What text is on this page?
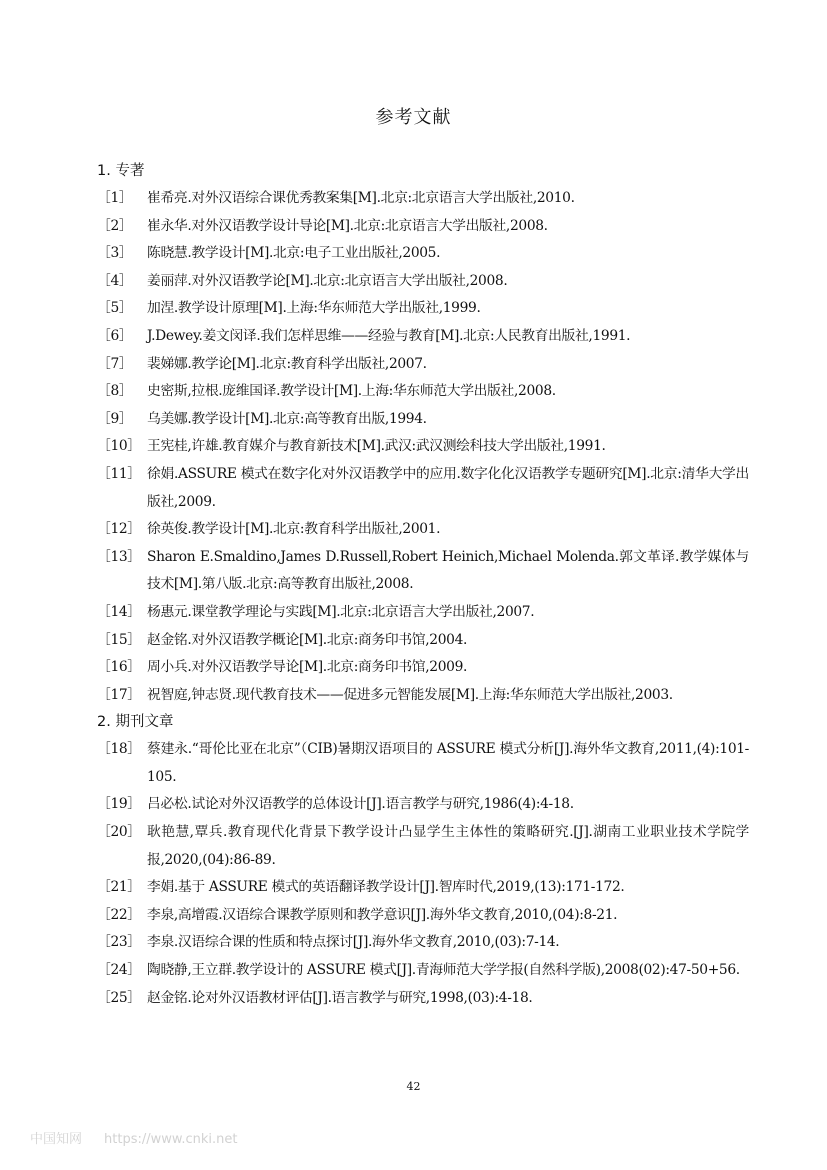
参考文献
1. 专著
［1］ 崔希亮.对外汉语综合课优秀教案集[M].北京:北京语言大学出版社,2010.
［2］ 崔永华.对外汉语教学设计导论[M].北京:北京语言大学出版社,2008.
［3］ 陈晓慧.教学设计[M].北京:电子工业出版社,2005.
［4］ 姜丽萍.对外汉语教学论[M].北京:北京语言大学出版社,2008.
［5］ 加涅.教学设计原理[M].上海:华东师范大学出版社,1999.
［6］ J.Dewey.姜文闵译.我们怎样思维——经验与教育[M].北京:人民教育出版社,1991.
［7］ 裴娣娜.教学论[M].北京:教育科学出版社,2007.
［8］ 史密斯,拉根.庞维国译.教学设计[M].上海:华东师范大学出版社,2008.
［9］ 乌美娜.教学设计[M].北京:高等教育出版,1994.
［10］ 王宪桂,许雄.教育媒介与教育新技术[M].武汉:武汉测绘科技大学出版社,1991.
［11］ 徐娟.ASSURE 模式在数字化对外汉语教学中的应用.数字化化汉语教学专题研究[M].北京:清华大学出版社,2009.
［12］ 徐英俊.教学设计[M].北京:教育科学出版社,2001.
［13］ Sharon E.Smaldino,James D.Russell,Robert Heinich,Michael Molenda.郭文革译.教学媒体与技术[M].第八版.北京:高等教育出版社,2008.
［14］ 杨惠元.课堂教学理论与实践[M].北京:北京语言大学出版社,2007.
［15］ 赵金铭.对外汉语教学概论[M].北京:商务印书馆,2004.
［16］ 周小兵.对外汉语教学导论[M].北京:商务印书馆,2009.
［17］ 祝智庭,钟志贤.现代教育技术——促进多元智能发展[M].上海:华东师范大学出版社,2003.
2. 期刊文章
［18］ 蔡建永.“哥伦比亚在北京”（CIB)暑期汉语项目的 ASSURE 模式分析[J].海外华文教育,2011,(4):101-105.
［19］ 吕必松.试论对外汉语教学的总体设计[J].语言教学与研究,1986(4):4-18.
［20］ 耿艳慧,覃兵.教育现代化背景下教学设计凸显学生主体性的策略研究.[J].湖南工业职业技术学院学报,2020,(04):86-89.
［21］ 李娟.基于 ASSURE 模式的英语翻译教学设计[J].智库时代,2019,(13):171-172.
［22］ 李泉,高增霞.汉语综合课教学原则和教学意识[J].海外华文教育,2010,(04):8-21.
［23］ 李泉.汉语综合课的性质和特点探讨[J].海外华文教育,2010,(03):7-14.
［24］ 陶晓静,王立群.教学设计的 ASSURE 模式[J].青海师范大学学报(自然科学版),2008(02):47-50+56.
［25］ 赵金铭.论对外汉语教材评估[J].语言教学与研究,1998,(03):4-18.
42
中国知网 https://www.cnki.net
